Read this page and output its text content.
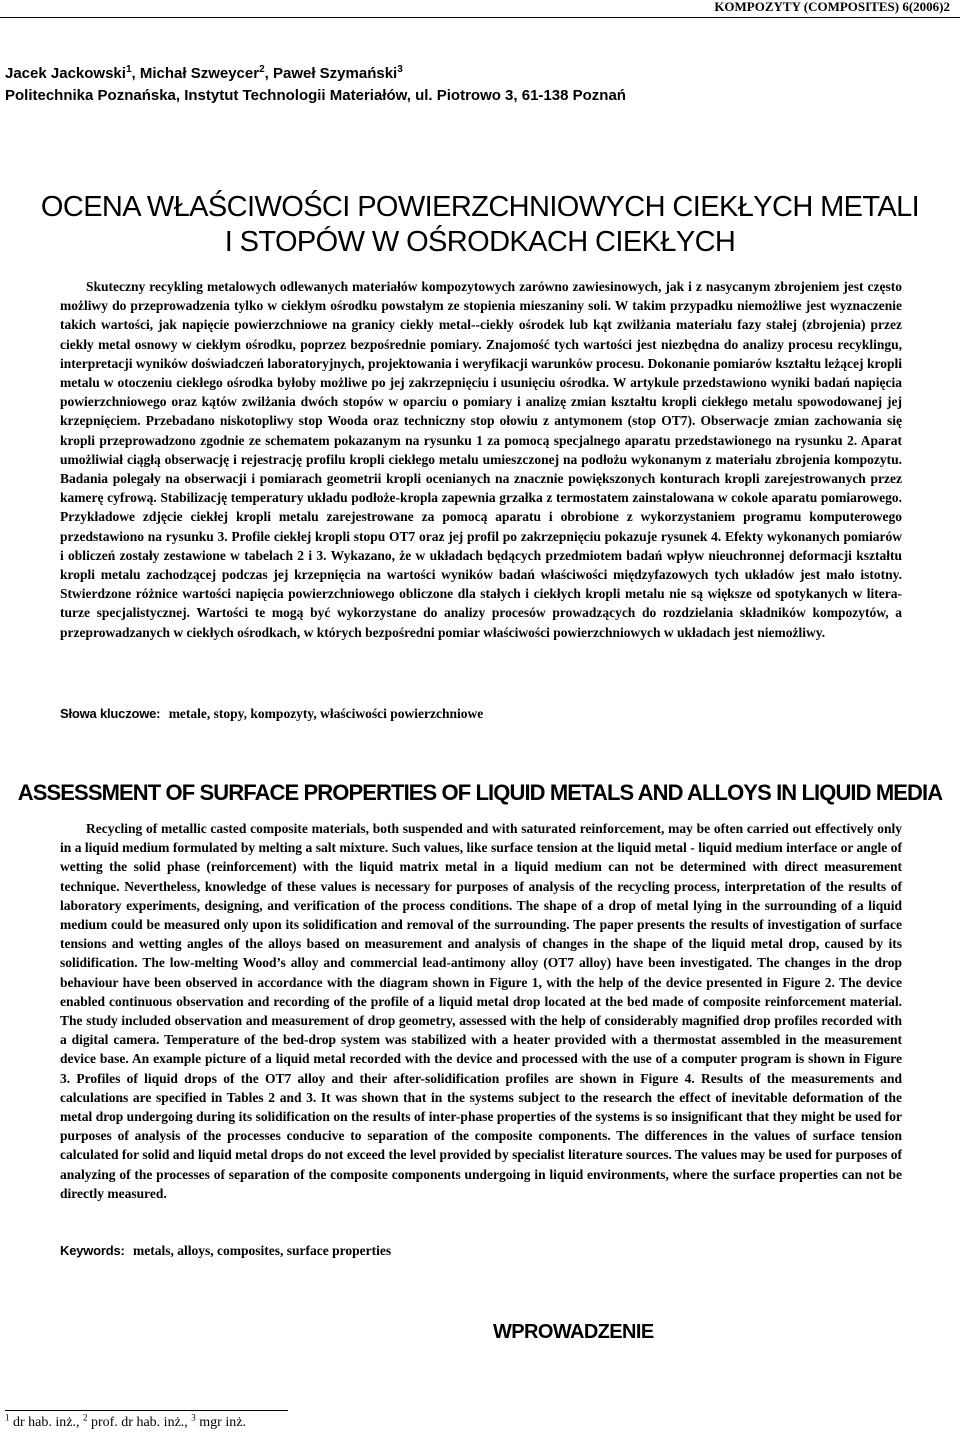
KOMPOZYTY (COMPOSITES) 6(2006)2
Jacek Jackowski$^1$, Michał Szweycer$^2$, Paweł Szymański$^3$
Politechnika Poznańska, Instytut Technologii Materiałów, ul. Piotrowo 3, 61-138 Poznań
OCENA WŁAŚCIWOŚCI POWIERZCHNIOWYCH CIEKŁYCH METALI
I STOPÓW W OŚRODKACH CIEKŁYCH

Skuteczny recykling metalowych odlewanych materiałów kompozytowych zarówno zawiesinowych, jak i z nasycanym zbrojeniem jest często możliwy do przeprowadzenia tylko w ciekłym ośrodku powstałym ze stopienia mieszaniny soli. W takim przypadku niemożliwe jest wyznaczenie takich wartości, jak napięcie powierzchniowe na granicy ciekły metal--ciekły ośrodek lub kąt zwilżania materiału fazy stałej (zbrojenia) przez ciekły metal osnowy w ciekłym ośrodku, poprzez bezpośrednie pomiary. Znajomość tych wartości jest niezbędna do analizy procesu recyklingu, interpretacji wyników doświadczeń laboratoryjnych, projektowania i weryfikacji warunków procesu. Dokonanie pomiarów kształtu leżącej kropli metalu w otoczeniu ciekłego ośrodka byłoby możliwe po jej zakrzepnięciu i usunięciu ośrodka. W artykule przedstawiono wyniki badań napięcia powierzchniowego oraz kątów zwilżania dwóch stopów w oparciu o pomiary i analizę zmian kształtu kropli ciekłego metalu spowodowanej jej krzepnięciem. Przebadano niskotopliwy stop Wooda oraz techniczny stop ołowiu z antymonem (stop OT7). Obserwacje zmian zachowania się kropli przeprowadzono zgodnie ze schematem pokazanym na rysunku 1 za pomocą specjalnego aparatu przedstawionego na rysunku 2. Aparat umożliwiał ciągłą obserwację i rejestrację profilu kropli ciekłego metalu umieszczonej na podłożu wykonanym z materiału zbrojenia kompozytu. Badania polegały na obserwacji i pomiarach geometrii kropli ocenianych na znacznie powiększonych konturach kropli zarejestrowanych przez kamerę cyfrową. Stabilizację temperatury układu podłoże-kropla zapewnia grzałka z termostatem zainstalowana w cokole aparatu pomiarowego. Przykładowe zdjęcie ciekłej kropli metalu zarejestrowane za pomocą aparatu i obrobione z wykorzystaniem programu komputerowego przedstawiono na rysunku 3. Profile ciekłej kropli stopu OT7 oraz jej profil po zakrzepnięciu pokazuje rysunek 4. Efekty wykonanych pomiarów i obliczeń zostały zestawione w tabelach 2 i 3. Wykazano, że w układach będących przedmiotem badań wpływ nieuchronnej deformacji kształtu kropli metalu zachodzącej podczas jej krzepnięcia na wartości wyników badań właściwości międzyfazowych tych układów jest mało istotny. Stwierdzone różnice wartości napięcia powierzchniowego obliczone dla stałych i ciekłych kropli metalu nie są większe od spotykanych w litera-turze specjalistycznej. Wartości te mogą być wykorzystane do analizy procesów prowadzących do rozdzielania składników kompozytów, a przeprowadzanych w ciekłych ośrodkach, w których bezpośredni pomiar właściwości powierzchniowych w układach jest niemożliwy.

Słowa kluczowe: metale, stopy, kompozyty, właściwości powierzchniowe
ASSESSMENT OF SURFACE PROPERTIES OF LIQUID METALS AND ALLOYS IN LIQUID MEDIA

Recycling of metallic casted composite materials, both suspended and with saturated reinforcement, may be often carried out effectively only in a liquid medium formulated by melting a salt mixture. Such values, like surface tension at the liquid metal - liquid medium interface or angle of wetting the solid phase (reinforcement) with the liquid matrix metal in a liquid medium can not be determined with direct measurement technique. Nevertheless, knowledge of these values is necessary for purposes of analysis of the recycling process, interpretation of the results of laboratory experiments, designing, and verification of the process conditions. The shape of a drop of metal lying in the surrounding of a liquid medium could be measured only upon its solidification and removal of the surrounding. The paper presents the results of investigation of surface tensions and wetting angles of the alloys based on measurement and analysis of changes in the shape of the liquid metal drop, caused by its solidification. The low-melting Wood’s alloy and commercial lead-antimony alloy (OT7 alloy) have been investigated. The changes in the drop behaviour have been observed in accordance with the diagram shown in Figure 1, with the help of the device presented in Figure 2. The device enabled continuous observation and recording of the profile of a liquid metal drop located at the bed made of composite reinforcement material. The study included observation and measurement of drop geometry, assessed with the help of considerably magnified drop profiles recorded with a digital camera. Temperature of the bed-drop system was stabilized with a heater provided with a thermostat assembled in the measurement device base. An example picture of a liquid metal recorded with the device and processed with the use of a computer program is shown in Figure 3. Profiles of liquid drops of the OT7 alloy and their after-solidification profiles are shown in Figure 4. Results of the measurements and calculations are specified in Tables 2 and 3. It was shown that in the systems subject to the research the effect of inevitable deformation of the metal drop undergoing during its solidification on the results of inter-phase properties of the systems is so insignificant that they might be used for purposes of analysis of the processes conducive to separation of the composite components. The differences in the values of surface tension calculated for solid and liquid metal drops do not exceed the level provided by specialist literature sources. The values may be used for purposes of analyzing of the processes of separation of the composite components undergoing in liquid environments, where the surface properties can not be directly measured.

Keywords: metals, alloys, composites, surface properties
WPROWADZENIE
$^1$ dr hab. inż., $^2$ prof. dr hab. inż., $^3$ mgr inż.
